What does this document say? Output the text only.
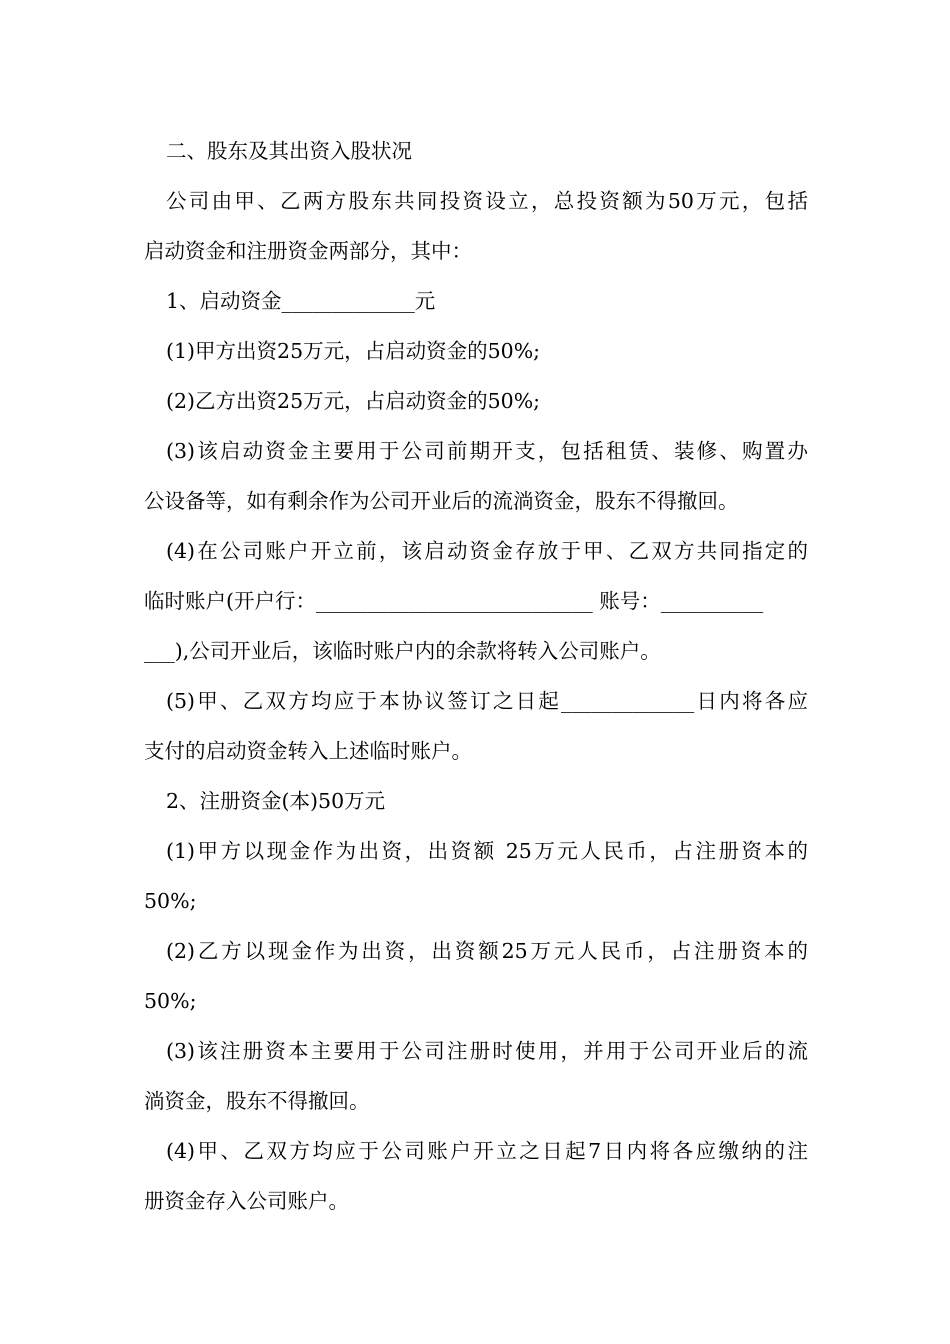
二、股东及其出资入股状况
公司由甲、乙两方股东共同投资设立，总投资额为50万元，包括
启动资金和注册资金两部分，其中：
1、启动资金_____________元
(1)甲方出资25万元，占启动资金的50%;
(2)乙方出资25万元，占启动资金的50%;
(3)该启动资金主要用于公司前期开支，包括租赁、装修、购置办
公设备等，如有剩余作为公司开业后的流淌资金，股东不得撤回。
(4)在公司账户开立前，该启动资金存放于甲、乙双方共同指定的
临时账户(开户行：___________________________ 账号：__________
___),公司开业后，该临时账户内的余款将转入公司账户。
(5)甲、乙双方均应于本协议签订之日起_____________日内将各应
支付的启动资金转入上述临时账户。
2、注册资金(本)50万元
(1)甲方以现金作为出资，出资额 25万元人民币，占注册资本的
50%;
(2)乙方以现金作为出资，出资额25万元人民币，占注册资本的
50%;
(3)该注册资本主要用于公司注册时使用，并用于公司开业后的流
淌资金，股东不得撤回。
(4)甲、乙双方均应于公司账户开立之日起7日内将各应缴纳的注
册资金存入公司账户。
